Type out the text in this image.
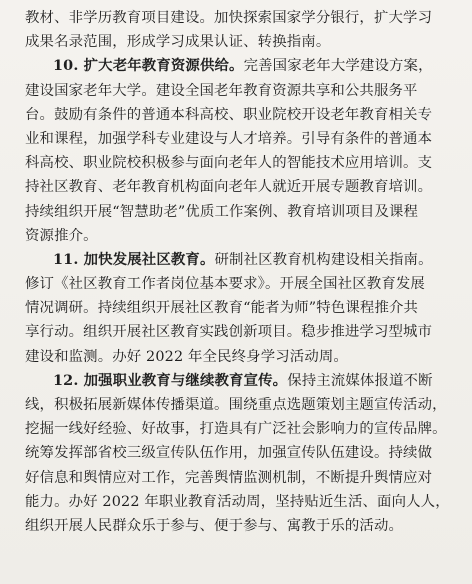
教材、非学历教育项目建设。加快探索国家学分银行，扩大学习
成果名录范围，形成学习成果认证、转换指南。
10. 扩大老年教育资源供给。完善国家老年大学建设方案，
建设国家老年大学。建设全国老年教育资源共享和公共服务平
台。鼓励有条件的普通本科高校、职业院校开设老年教育相关专
业和课程，加强学科专业建设与人才培养。引导有条件的普通本
科高校、职业院校积极参与面向老年人的智能技术应用培训。支
持社区教育、老年教育机构面向老年人就近开展专题教育培训。
持续组织开展“智慧助老”优质工作案例、教育培训项目及课程
资源推介。
11. 加快发展社区教育。研制社区教育机构建设相关指南。
修订《社区教育工作者岗位基本要求》。开展全国社区教育发展
情况调研。持续组织开展社区教育“能者为师”特色课程推介共
享行动。组织开展社区教育实践创新项目。稳步推进学习型城市
建设和监测。办好 2022 年全民终身学习活动周。
12. 加强职业教育与继续教育宣传。保持主流媒体报道不断
线，积极拓展新媒体传播渠道。围绕重点选题策划主题宣传活动，
挖掘一线好经验、好故事，打造具有广泛社会影响力的宣传品牌。
统筹发挥部省校三级宣传队伍作用，加强宣传队伍建设。持续做
好信息和舆情应对工作，完善舆情监测机制，不断提升舆情应对
能力。办好 2022 年职业教育活动周，坚持贴近生活、面向人人，
组织开展人民群众乐于参与、便于参与、寓教于乐的活动。
